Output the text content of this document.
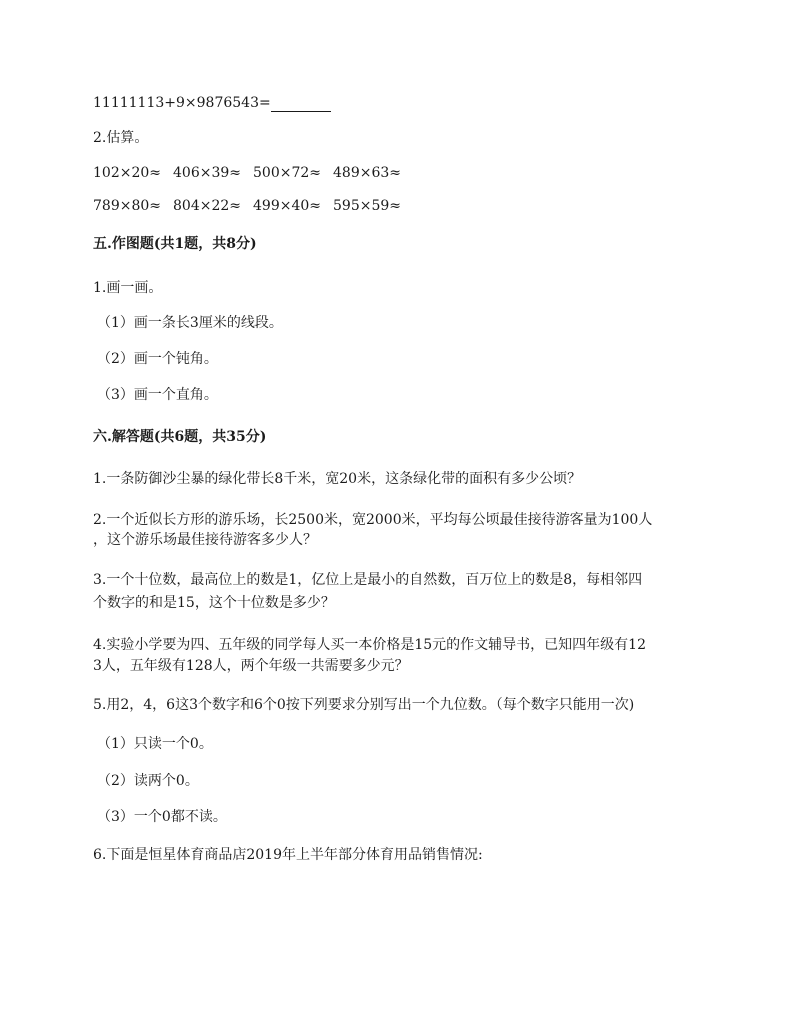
11111113+9×9876543=
2.估算。
102×20≈ 406×39≈ 500×72≈ 489×63≈
789×80≈ 804×22≈ 499×40≈ 595×59≈
五.作图题(共1题，共8分)
1.画一画。
（1）画一条长3厘米的线段。
（2）画一个钝角。
（3）画一个直角。
六.解答题(共6题，共35分)
1.一条防御沙尘暴的绿化带长8千米，宽20米，这条绿化带的面积有多少公顷？
2.一个近似长方形的游乐场，长2500米，宽2000米，平均每公顷最佳接待游客量为100人
，这个游乐场最佳接待游客多少人？
3.一个十位数，最高位上的数是1，亿位上是最小的自然数，百万位上的数是8，每相邻四
个数字的和是15，这个十位数是多少？
4.实验小学要为四、五年级的同学每人买一本价格是15元的作文辅导书，已知四年级有12
3人，五年级有128人，两个年级一共需要多少元？
5.用2，4，6这3个数字和6个0按下列要求分别写出一个九位数。（每个数字只能用一次)
（1）只读一个0。
（2）读两个0。
（3）一个0都不读。
6.下面是恒星体育商品店2019年上半年部分体育用品销售情况:
